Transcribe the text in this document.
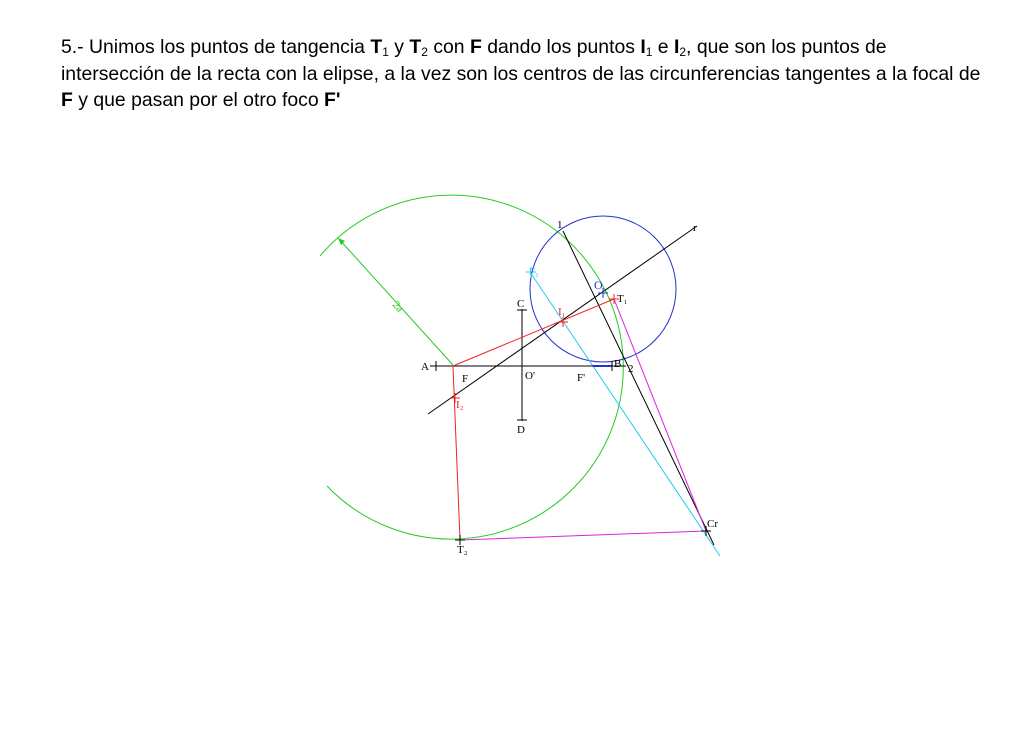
5.- Unimos los puntos de tangencia $T_1$ y $T_2$ con F dando los puntos $I_1$ e $I_2$, que son los puntos de intersección de la recta con la elipse, a la vez son los centros de las circunferencias tangentes a la focal de F y que pasan por el otro foco F'
2a
1	r
F₁
O
T₁
C
I₁
A	B 2
F	O'	F'
I₂
D
Cr
T₂
